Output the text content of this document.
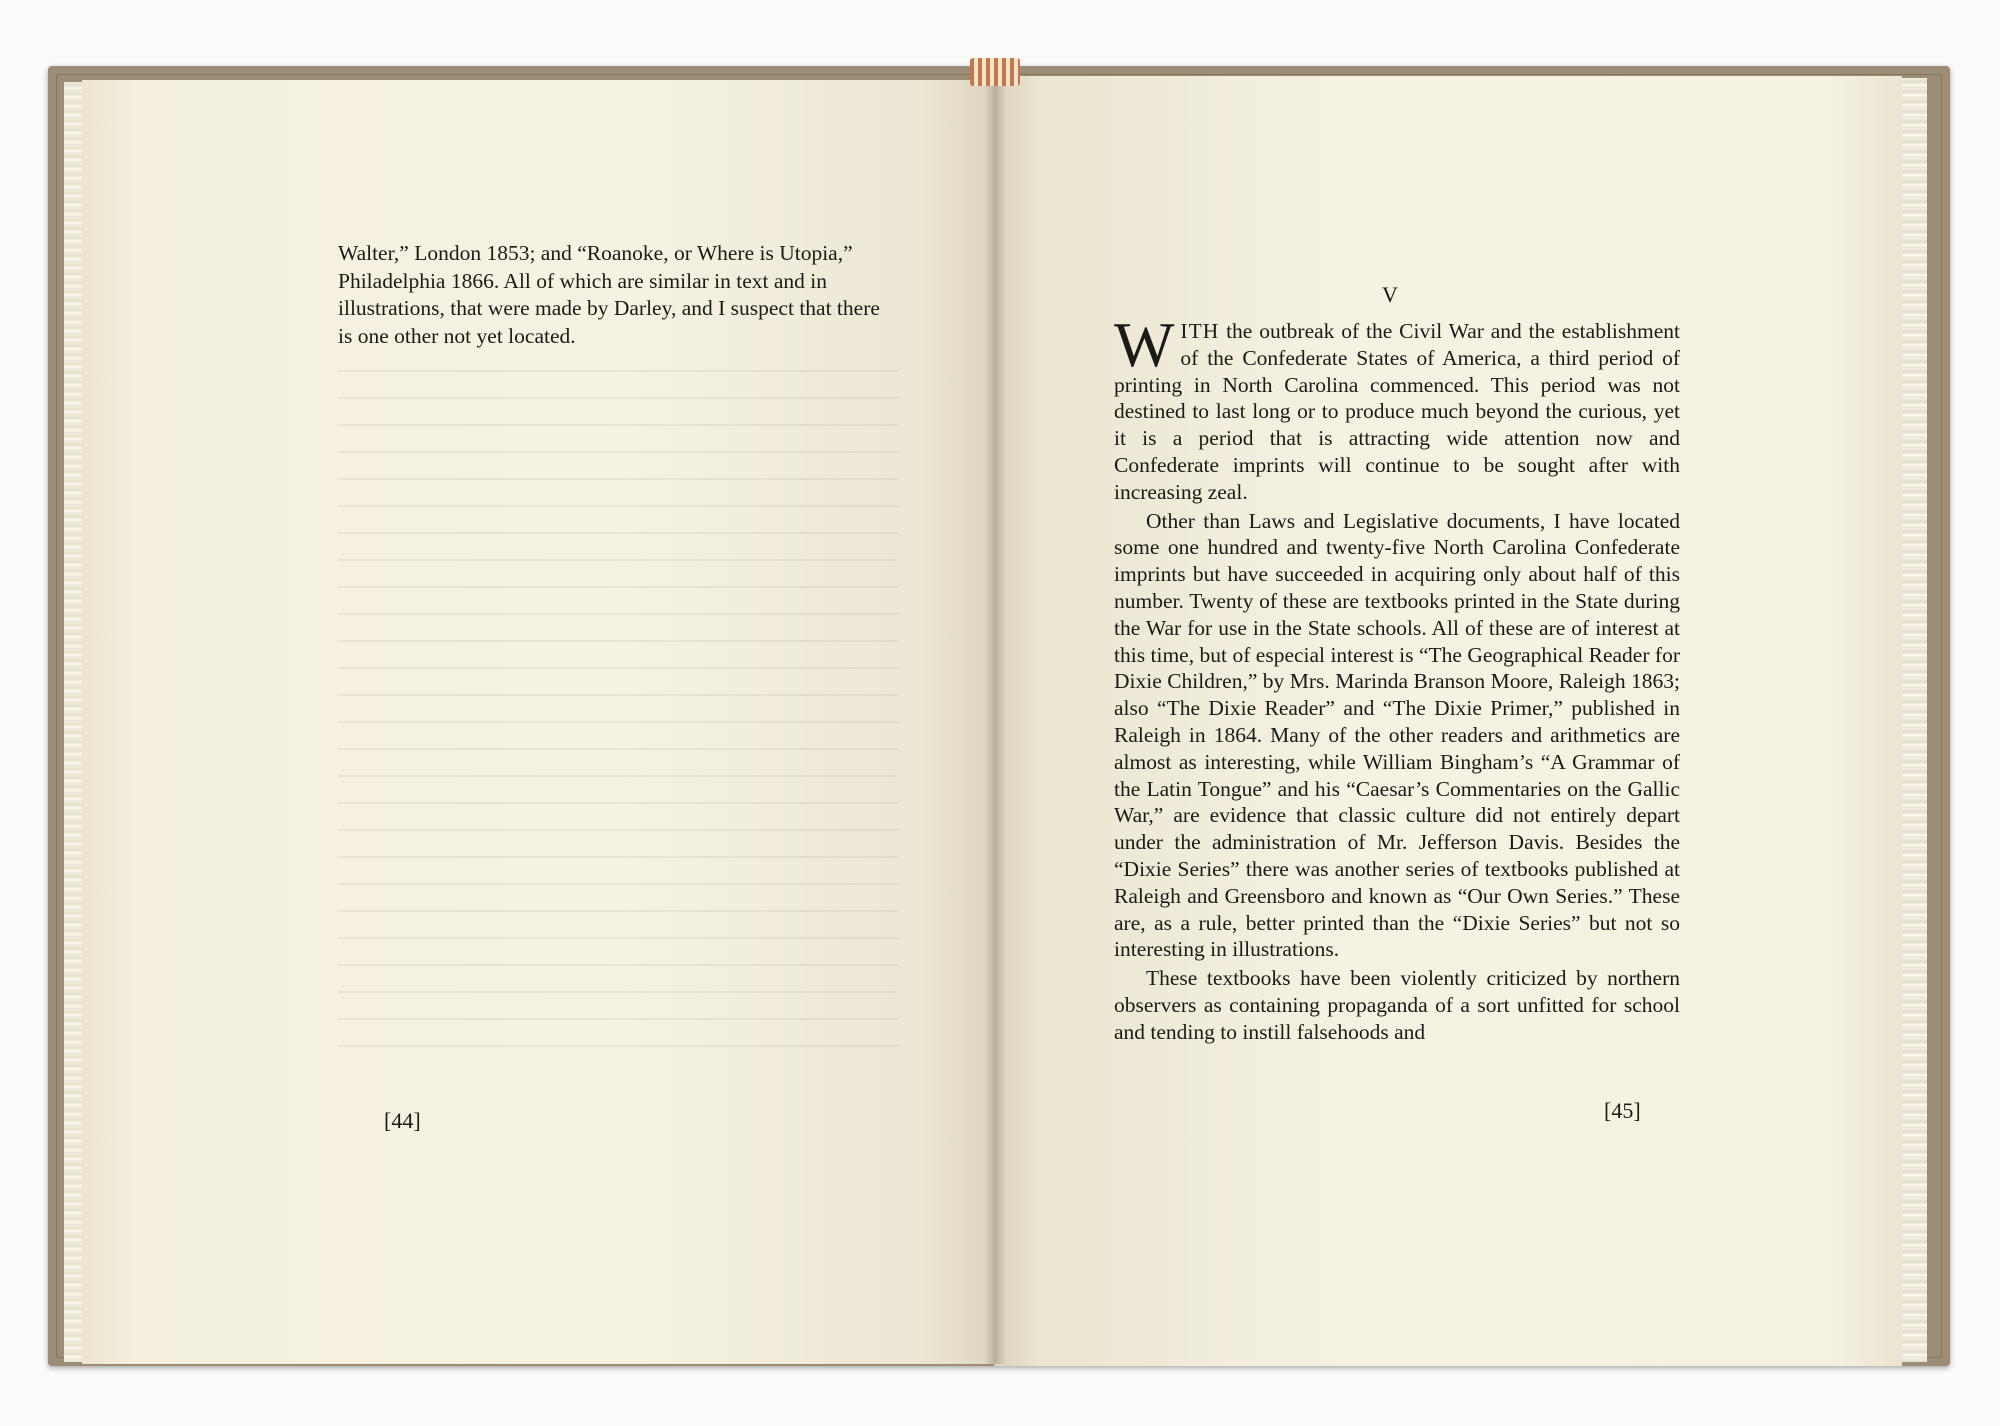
Walter,” London 1853; and “Roanoke, or Where is Utopia,” Philadelphia 1866. All of which are similar in text and in illustrations, that were made by Darley, and I suspect that there is one other not yet located.

[44]
V

WITH the outbreak of the Civil War and the establishment of the Confederate States of America, a third period of printing in North Carolina commenced. This period was not destined to last long or to produce much beyond the curious, yet it is a period that is attracting wide attention now and Confederate imprints will continue to be sought after with increasing zeal.

Other than Laws and Legislative documents, I have located some one hundred and twenty-five North Carolina Confederate imprints but have succeeded in acquiring only about half of this number. Twenty of these are textbooks printed in the State during the War for use in the State schools. All of these are of interest at this time, but of especial interest is “The Geographical Reader for Dixie Children,” by Mrs. Marinda Branson Moore, Raleigh 1863; also “The Dixie Reader” and “The Dixie Primer,” published in Raleigh in 1864. Many of the other readers and arithmetics are almost as interesting, while William Bingham’s “A Grammar of the Latin Tongue” and his “Caesar’s Commentaries on the Gallic War,” are evidence that classic culture did not entirely depart under the administration of Mr. Jefferson Davis. Besides the “Dixie Series” there was another series of textbooks published at Raleigh and Greensboro and known as “Our Own Series.” These are, as a rule, better printed than the “Dixie Series” but not so interesting in illustrations.

These textbooks have been violently criticized by northern observers as containing propaganda of a sort unfitted for school and tending to instill falsehoods and

[45]
